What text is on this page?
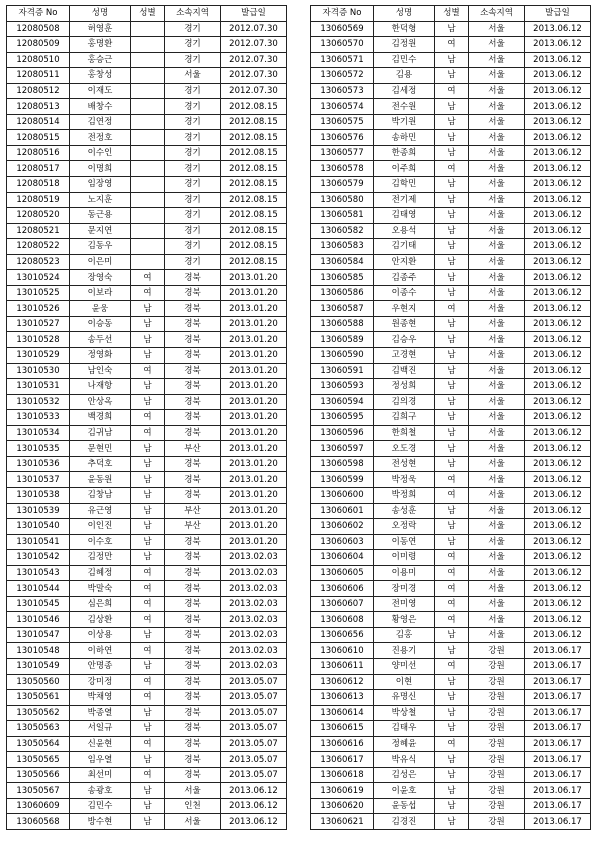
자격증 No	성명	성별	소속지역	발급일
12080508	허영훈		경기	2012.07.30
12080509	홍명환		경기	2012.07.30
12080510	홍승근		경기	2012.07.30
12080511	홍창성		서울	2012.07.30
12080512	이재도		경기	2012.07.30
12080513	배창수		경기	2012.08.15
12080514	김연정		경기	2012.08.15
12080515	전정호		경기	2012.08.15
12080516	이수인		경기	2012.08.15
12080517	이명희		경기	2012.08.15
12080518	임장영		경기	2012.08.15
12080519	노지훈		경기	2012.08.15
12080520	동근용		경기	2012.08.15
12080521	문지연		경기	2012.08.15
12080522	김동우		경기	2012.08.15
12080523	이은미		경기	2012.08.15
13010524	장영숙	여	경북	2013.01.20
13010525	이보라	여	경북	2013.01.20
13010526	윤웅	남	경북	2013.01.20
13010527	이승동	남	경북	2013.01.20
13010528	송두선	남	경북	2013.01.20
13010529	정영화	남	경북	2013.01.20
13010530	남인숙	여	경북	2013.01.20
13010531	나재항	남	경북	2013.01.20
13010532	안상옥	남	경북	2013.01.20
13010533	백경희	여	경북	2013.01.20
13010534	김귀남	여	경북	2013.01.20
13010535	문현민	남	부산	2013.01.20
13010536	추덕호	남	경북	2013.01.20
13010537	윤동원	남	경북	2013.01.20
13010538	김창남	남	경북	2013.01.20
13010539	유근영	남	부산	2013.01.20
13010540	이인진	남	부산	2013.01.20
13010541	이수호	남	경북	2013.01.20
13010542	김정만	남	경북	2013.02.03
13010543	김혜정	여	경북	2013.02.03
13010544	박말숙	여	경북	2013.02.03
13010545	심은희	여	경북	2013.02.03
13010546	김상환	여	경북	2013.02.03
13010547	이상용	남	경북	2013.02.03
13010548	이하연	여	경북	2013.02.03
13010549	안명종	남	경북	2013.02.03
13050560	강미정	여	경북	2013.05.07
13050561	박채영	여	경북	2013.05.07
13050562	박종열	남	경북	2013.05.07
13050563	서일규	남	경북	2013.05.07
13050564	신윤현	여	경북	2013.05.07
13050565	임우열	남	경북	2013.05.07
13050566	최선미	여	경북	2013.05.07
13050567	송광호	남	서울	2013.06.12
13060609	김민수	남	인천	2013.06.12
13060568	방수현	남	서울	2013.06.12
자격증 No	성명	성별	소속지역	발급일
13060569	한덕형	남	서울	2013.06.12
13060570	김정원	여	서울	2013.06.12
13060571	김민수	남	서울	2013.06.12
13060572	김용	남	서울	2013.06.12
13060573	김세정	여	서울	2013.06.12
13060574	전수원	남	서울	2013.06.12
13060575	박기원	남	서울	2013.06.12
13060576	송하민	남	서울	2013.06.12
13060577	한종희	남	서울	2013.06.12
13060578	이주희	여	서울	2013.06.12
13060579	김학민	남	서울	2013.06.12
13060580	전기제	남	서울	2013.06.12
13060581	김태영	남	서울	2013.06.12
13060582	오용석	남	서울	2013.06.12
13060583	김기태	남	서울	2013.06.12
13060584	안지환	남	서울	2013.06.12
13060585	김종주	남	서울	2013.06.12
13060586	이종수	남	서울	2013.06.12
13060587	우현지	여	서울	2013.06.12
13060588	원종현	남	서울	2013.06.12
13060589	김승우	남	서울	2013.06.12
13060590	고경현	남	서울	2013.06.12
13060591	김백진	남	서울	2013.06.12
13060593	정성희	남	서울	2013.06.12
13060594	김의경	남	서울	2013.06.12
13060595	김희구	남	서울	2013.06.12
13060596	한희철	남	서울	2013.06.12
13060597	오도경	남	서울	2013.06.12
13060598	전성현	남	서울	2013.06.12
13060599	박정욱	여	서울	2013.06.12
13060600	박정희	여	서울	2013.06.12
13060601	송성훈	남	서울	2013.06.12
13060602	오정락	남	서울	2013.06.12
13060603	이동연	남	서울	2013.06.12
13060604	이미령	여	서울	2013.06.12
13060605	이용미	여	서울	2013.06.12
13060606	장미경	여	서울	2013.06.12
13060607	전미영	여	서울	2013.06.12
13060608	황영은	여	서울	2013.06.12
13060656	김홍	남	서울	2013.06.12
13060610	진용기	남	강원	2013.06.17
13060611	양미선	여	강원	2013.06.17
13060612	이현	남	강원	2013.06.17
13060613	유명신	남	강원	2013.06.17
13060614	박상철	남	강원	2013.06.17
13060615	김태우	남	강원	2013.06.17
13060616	정혜윤	여	강원	2013.06.17
13060617	박유식	남	강원	2013.06.17
13060618	김성은	남	강원	2013.06.17
13060619	이윤호	남	강원	2013.06.17
13060620	윤동섭	남	강원	2013.06.17
13060621	김경진	남	강원	2013.06.17
